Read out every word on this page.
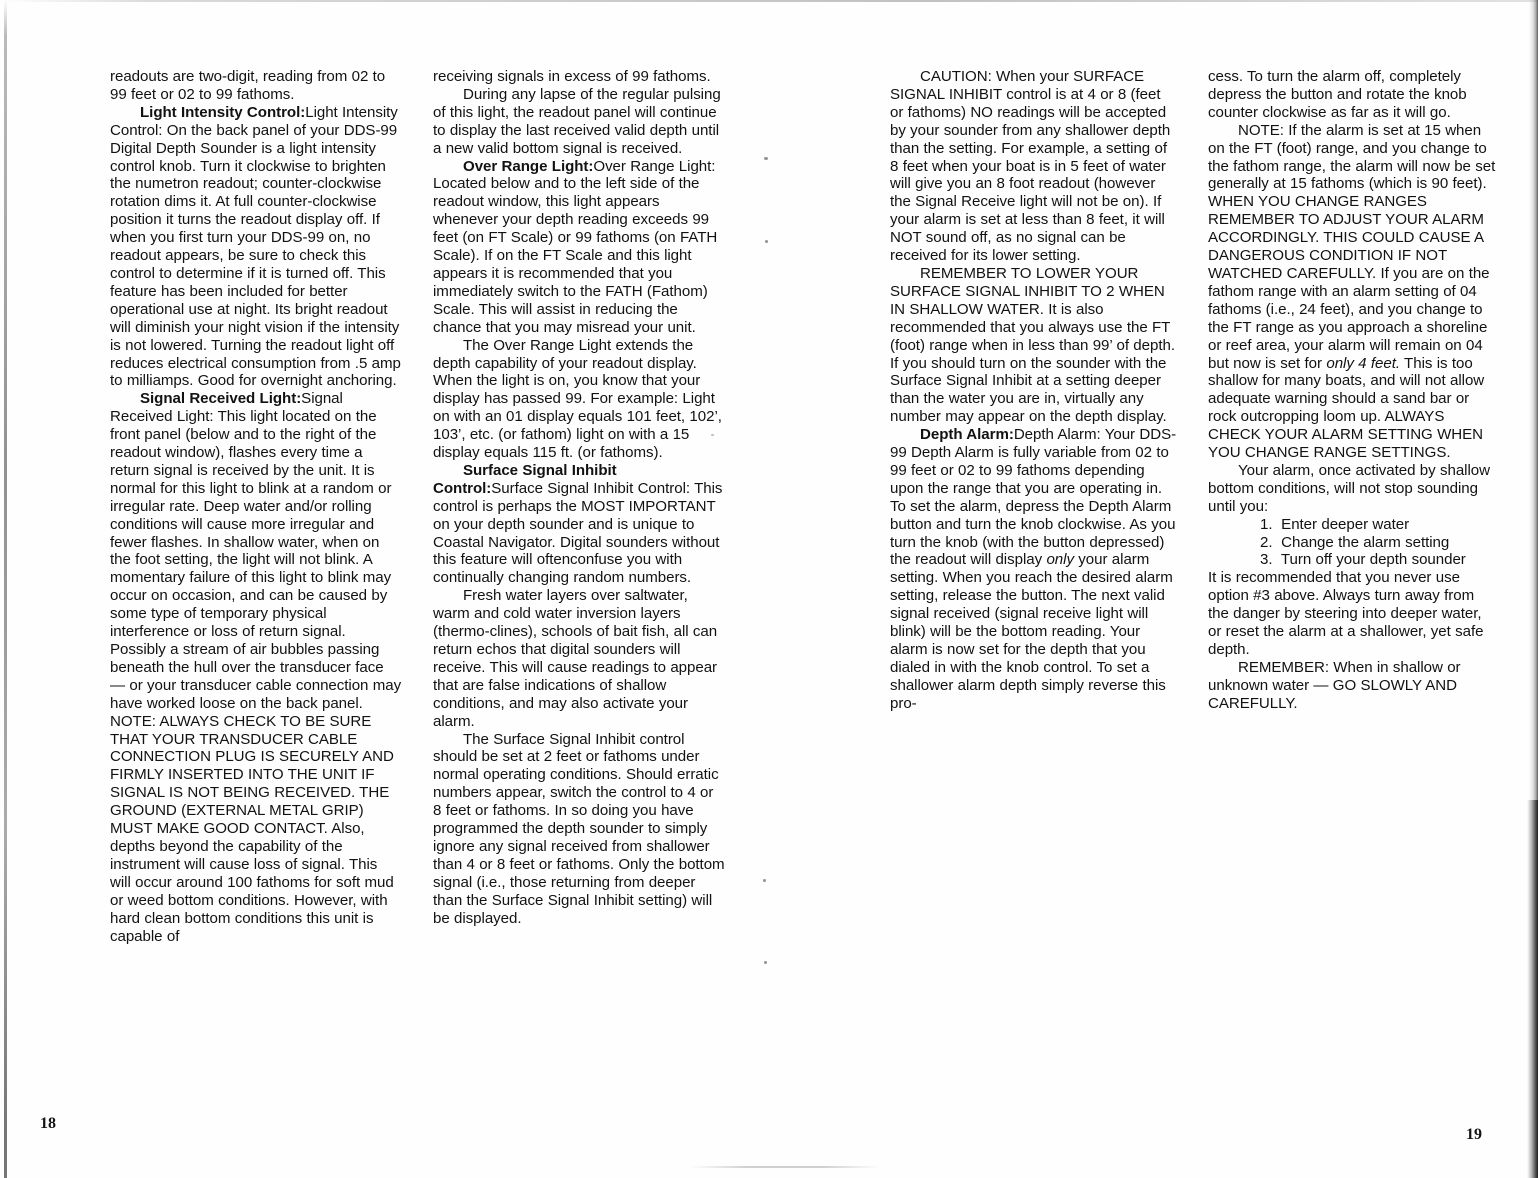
readouts are two-digit, reading from 02 to 99 feet or 02 to 99 fathoms.

Light Intensity Control:Light Intensity Control: On the back panel of your DDS-99 Digital Depth Sounder is a light intensity control knob. Turn it clockwise to brighten the numetron readout; counter-clockwise rotation dims it. At full counter-clockwise position it turns the readout display off. If when you first turn your DDS-99 on, no readout appears, be sure to check this control to determine if it is turned off. This feature has been included for better operational use at night. Its bright readout will diminish your night vision if the intensity is not lowered. Turning the readout light off reduces electrical consumption from .5 amp to milliamps. Good for overnight anchoring.

Signal Received Light:Signal Received Light: This light located on the front panel (below and to the right of the readout window), flashes every time a return signal is received by the unit. It is normal for this light to blink at a random or irregular rate. Deep water and/or rolling conditions will cause more irregular and fewer flashes. In shallow water, when on the foot setting, the light will not blink. A momentary failure of this light to blink may occur on occasion, and can be caused by some type of temporary physical interference or loss of return signal. Possibly a stream of air bubbles passing beneath the hull over the transducer face — or your transducer cable connection may have worked loose on the back panel.

NOTE: ALWAYS CHECK TO BE SURE THAT YOUR TRANSDUCER CABLE CONNECTION PLUG IS SECURELY AND FIRMLY INSERTED INTO THE UNIT IF SIGNAL IS NOT BEING RECEIVED. THE GROUND (EXTERNAL METAL GRIP) MUST MAKE GOOD CONTACT. Also, depths beyond the capability of the instrument will cause loss of signal. This will occur around 100 fathoms for soft mud or weed bottom conditions. However, with hard clean bottom conditions this unit is capable of

receiving signals in excess of 99 fathoms.

During any lapse of the regular pulsing of this light, the readout panel will continue to display the last received valid depth until a new valid bottom signal is received.

Over Range Light:Over Range Light: Located below and to the left side of the readout window, this light appears whenever your depth reading exceeds 99 feet (on FT Scale) or 99 fathoms (on FATH Scale). If on the FT Scale and this light appears it is recommended that you immediately switch to the FATH (Fathom) Scale. This will assist in reducing the chance that you may misread your unit.

The Over Range Light extends the depth capability of your readout display. When the light is on, you know that your display has passed 99. For example: Light on with an 01 display equals 101 feet, 102’, 103’, etc. (or fathom) light on with a 15 display equals 115 ft. (or fathoms).

Surface Signal Inhibit Control:Surface Signal Inhibit Control: This control is perhaps the MOST IMPORTANT on your depth sounder and is unique to Coastal Navigator. Digital sounders without this feature will oftenconfuse you with continually changing random numbers.

Fresh water layers over saltwater, warm and cold water inversion layers (thermo-clines), schools of bait fish, all can return echos that digital sounders will receive. This will cause readings to appear that are false indications of shallow conditions, and may also activate your alarm.

The Surface Signal Inhibit control should be set at 2 feet or fathoms under normal operating conditions. Should erratic numbers appear, switch the control to 4 or 8 feet or fathoms. In so doing you have programmed the depth sounder to simply ignore any signal received from shallower than 4 or 8 feet or fathoms. Only the bottom signal (i.e., those returning from deeper than the Surface Signal Inhibit setting) will be displayed.

CAUTION: When your SURFACE SIGNAL INHIBIT control is at 4 or 8 (feet or fathoms) NO readings will be accepted by your sounder from any shallower depth than the setting. For example, a setting of 8 feet when your boat is in 5 feet of water will give you an 8 foot readout (however the Signal Receive light will not be on). If your alarm is set at less than 8 feet, it will NOT sound off, as no signal can be received for its lower setting.

REMEMBER TO LOWER YOUR SURFACE SIGNAL INHIBIT TO 2 WHEN IN SHALLOW WATER. It is also recommended that you always use the FT (foot) range when in less than 99’ of depth. If you should turn on the sounder with the Surface Signal Inhibit at a setting deeper than the water you are in, virtually any number may appear on the depth display.

Depth Alarm:Depth Alarm: Your DDS-99 Depth Alarm is fully variable from 02 to 99 feet or 02 to 99 fathoms depending upon the range that you are operating in. To set the alarm, depress the Depth Alarm button and turn the knob clockwise. As you turn the knob (with the button depressed) the readout will display only your alarm setting. When you reach the desired alarm setting, release the button. The next valid signal received (signal receive light will blink) will be the bottom reading. Your alarm is now set for the depth that you dialed in with the knob control. To set a shallower alarm depth simply reverse this pro-

cess. To turn the alarm off, completely depress the button and rotate the knob counter clockwise as far as it will go.

NOTE: If the alarm is set at 15 when on the FT (foot) range, and you change to the fathom range, the alarm will now be set generally at 15 fathoms (which is 90 feet). WHEN YOU CHANGE RANGES REMEMBER TO ADJUST YOUR ALARM ACCORDINGLY. THIS COULD CAUSE A DANGEROUS CONDITION IF NOT WATCHED CAREFULLY. If you are on the fathom range with an alarm setting of 04 fathoms (i.e., 24 feet), and you change to the FT range as you approach a shoreline or reef area, your alarm will remain on 04 but now is set for only 4 feet. This is too shallow for many boats, and will not allow adequate warning should a sand bar or rock outcropping loom up. ALWAYS CHECK YOUR ALARM SETTING WHEN YOU CHANGE RANGE SETTINGS.

Your alarm, once activated by shallow bottom conditions, will not stop sounding until you:

1.  Enter deeper water

2.  Change the alarm setting

3.  Turn off your depth sounder

It is recommended that you never use option #3 above. Always turn away from the danger by steering into deeper water, or reset the alarm at a shallower, yet safe depth.

REMEMBER: When in shallow or unknown water — GO SLOWLY AND CAREFULLY.

18
19
